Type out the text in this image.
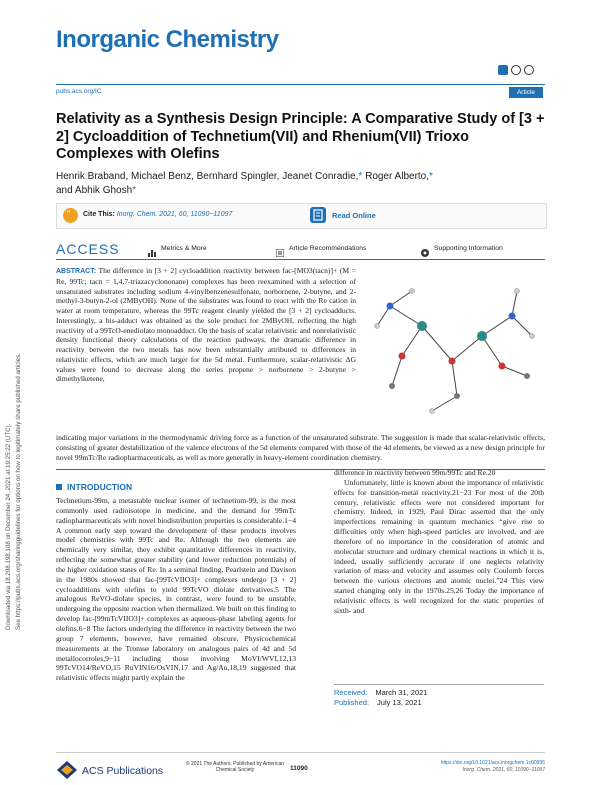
Downloaded via 18.208.198.108 on December 24, 2021 at 19:25:22 (UTC). See https://pubs.acs.org/sharingguidelines for options on how to legitimately share published articles.
Inorganic Chemistry
pubs.acs.org/IC	Article
Relativity as a Synthesis Design Principle: A Comparative Study of [3 + 2] Cycloaddition of Technetium(VII) and Rhenium(VII) Trioxo Complexes with Olefins
Henrik Braband, Michael Benz, Bernhard Spingler, Jeanet Conradie,* Roger Alberto,*
and Abhik Ghosh*
“ Cite This: Inorg. Chem. 2021, 60, 11090−11097	Read Online
ACCESS	Metrics & More	Article Recommendations	Supporting Information
ABSTRACT: The difference in [3 + 2] cycloaddition reactivity between fac-[MO3(tacn)]+ (M = Re, 99Tc; tacn = 1,4,7-triazacyclononane) complexes has been reexamined with a selection of unsaturated substrates including sodium 4-vinylbenzenesulfonate, norbornene, 2-butyne, and 2-methyl-3-butyn-2-ol (2MByOH). None of the substrates was found to react with the Re cation in water at room temperature, whereas the 99Tc reagent cleanly yielded the [3 + 2] cycloadducts. Interestingly, a bis-adduct was obtained as the sole product for 2MByOH, reflecting the high reactivity of a 99TcO-enediolato monoadduct. On the basis of scalar relativistic and nonrelativistic density functional theory calculations of the reaction pathways, the dramatic difference in reactivity between the two metals has now been substantially attributed to differences in relativistic effects, which are much larger for the 5d metal. Furthermore, scalar-relativistic ΔG values were found to decrease along the series propene > norbornene > 2-butyne > dimethylketene,
indicating major variations in the thermodynamic driving force as a function of the unsaturated substrate. The suggestion is made that scalar-relativistic effects, consisting of greater destabilization of the valence electrons of the 5d elements compared with those of the 4d elements, be viewed as a new design principle for novel 99mTc/Re radiopharmaceuticals, as well as more generally in heavy-element coordination chemistry.
INTRODUCTION

Technetium-99m, a metastable nuclear isomer of technetium-99, is the most commonly used radioisotope in medicine, and the demand for 99mTc radiopharmaceuticals with novel biodistribution properties is considerable.1−4 A common early step toward the development of these products involves model chemistries with 99Tc and Re. Although the two elements are chemically very similar, they exhibit quantitative differences in reactivity, reflecting the somewhat greater stability (and lower reduction potentials) of the higher oxidation states of Re. In a seminal finding, Pearlstein and Davison in the 1980s showed that fac-[99TcVIIO3]+ complexes undergo [3 + 2] cycloadditions with olefins to yield 99TcVO diolate derivatives.5 The analogous ReVO-diolate species, in contrast, were found to be unstable, undergoing the opposite reaction when thermalized. We built on this finding to develop fac-[99mTcVIIO3]+ complexes as aqueous-phase labeling agents for olefins.6−8 The factors underlying the difference in reactivity between the two group 7 elements, however, have remained obscure. Physicochemical measurements at the Tromsø laboratory on analogous pairs of 4d and 5d metallocorroles,9−11 including those involving MoVI/WVI,12,13 99TcVO14/ReVO,15 RuVIN16/OsVIN,17 and Ag/Au,18,19 suggested that relativistic effects might partly explain the

difference in reactivity between 99m/99Tc and Re.20

Unfortunately, little is known about the importance of relativistic effects for transition-metal reactivity.21−23 For most of the 20th century, relativistic effects were not considered important for chemistry. Indeed, in 1929, Paul Dirac asserted that the only imperfections remaining in quantum mechanics “give rise to difficulties only when high-speed particles are involved, and are therefore of no importance in the consideration of atomic and molecular structure and ordinary chemical reactions in which it is, indeed, usually sufficiently accurate if one neglects relativity variation of mass and velocity and assumes only Coulomb forces between the various electrons and atomic nuclei.”24 This view started changing only in the 1970s.25,26 Today the importance of relativistic effects is well recognized for the static properties of sixth- and

Received: March 31, 2021
Published: July 13, 2021
ACS Publications
© 2021 The Authors. Published by American Chemical Society	11090
https://doi.org/10.1021/acs.inorgchem.1c00995
Inorg. Chem. 2021, 60, 11090−11097
